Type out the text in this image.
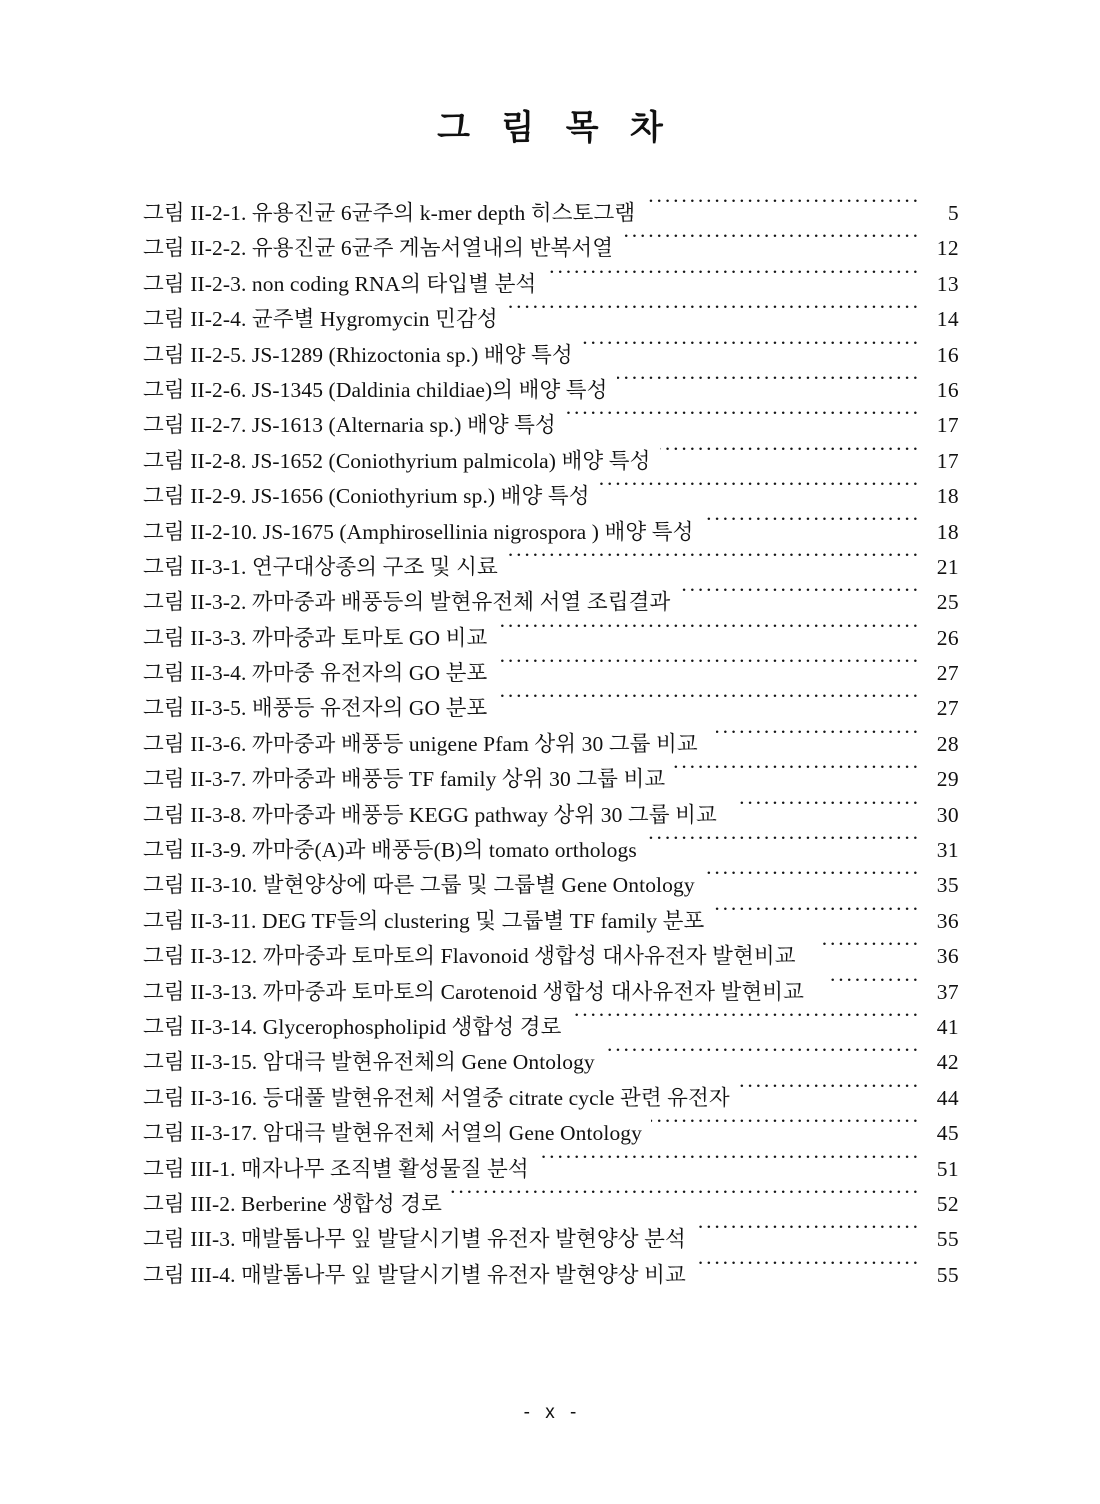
그 림 목 차
그림 II-2-1. 유용진균 6균주의 k-mer depth 히스토그램 ·····	5
그림 II-2-2. 유용진균 6균주 게놈서열내의 반복서열 ·····	12
그림 II-2-3. non coding RNA의 타입별 분석 ·····	13
그림 II-2-4. 균주별 Hygromycin 민감성 ·····	14
그림 II-2-5. JS-1289 (Rhizoctonia sp.) 배양 특성 ·····	16
그림 II-2-6. JS-1345 (Daldinia childiae)의 배양 특성 ·····	16
그림 II-2-7. JS-1613 (Alternaria sp.) 배양 특성 ·····	17
그림 II-2-8. JS-1652 (Coniothyrium palmicola) 배양 특성 ·····	17
그림 II-2-9. JS-1656 (Coniothyrium sp.) 배양 특성 ·····	18
그림 II-2-10. JS-1675 (Amphirosellinia nigrospora ) 배양 특성 ·····	18
그림 II-3-1. 연구대상종의 구조 및 시료 ·····	21
그림 II-3-2. 까마중과 배풍등의 발현유전체 서열 조립결과 ·····	25
그림 II-3-3. 까마중과 토마토 GO 비교 ·····	26
그림 II-3-4. 까마중 유전자의 GO 분포 ·····	27
그림 II-3-5. 배풍등 유전자의 GO 분포 ·····	27
그림 II-3-6. 까마중과 배풍등 unigene Pfam 상위 30 그룹 비교 ·····	28
그림 II-3-7. 까마중과 배풍등 TF family 상위 30 그룹 비교 ·····	29
그림 II-3-8. 까마중과 배풍등 KEGG pathway 상위 30 그룹 비교 ·····	30
그림 II-3-9. 까마중(A)과 배풍등(B)의 tomato orthologs ·····	31
그림 II-3-10. 발현양상에 따른 그룹 및 그룹별 Gene Ontology ·····	35
그림 II-3-11. DEG TF들의 clustering 및 그룹별 TF family 분포 ·····	36
그림 II-3-12. 까마중과 토마토의 Flavonoid 생합성 대사유전자 발현비교 ·····	36
그림 II-3-13. 까마중과 토마토의 Carotenoid 생합성 대사유전자 발현비교 ·····	37
그림 II-3-14. Glycerophospholipid 생합성 경로 ·····	41
그림 II-3-15. 암대극 발현유전체의 Gene Ontology ·····	42
그림 II-3-16. 등대풀 발현유전체 서열중 citrate cycle 관련 유전자 ·····	44
그림 II-3-17. 암대극 발현유전체 서열의 Gene Ontology ·····	45
그림 III-1. 매자나무 조직별 활성물질 분석 ·····	51
그림 III-2. Berberine 생합성 경로 ·····	52
그림 III-3. 매발톰나무 잎 발달시기별 유전자 발현양상 분석 ·····	55
그림 III-4. 매발톰나무 잎 발달시기별 유전자 발현양상 비교 ·····	55
- x -
